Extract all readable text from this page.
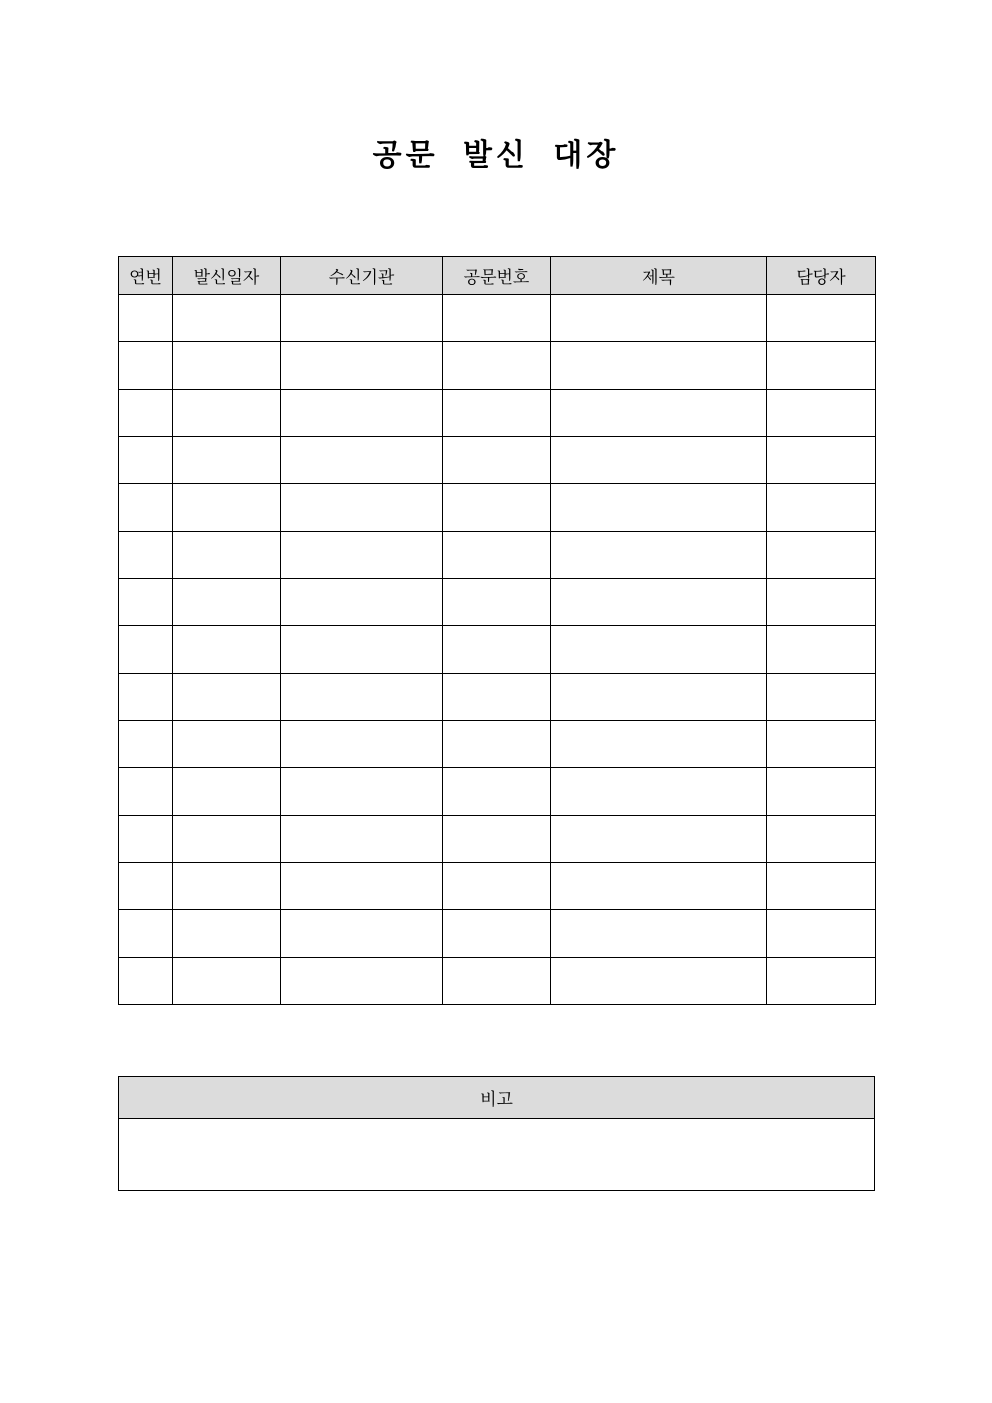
공문 발신 대장
연번	발신일자	수신기관	공문번호	제목	담당자

비고
